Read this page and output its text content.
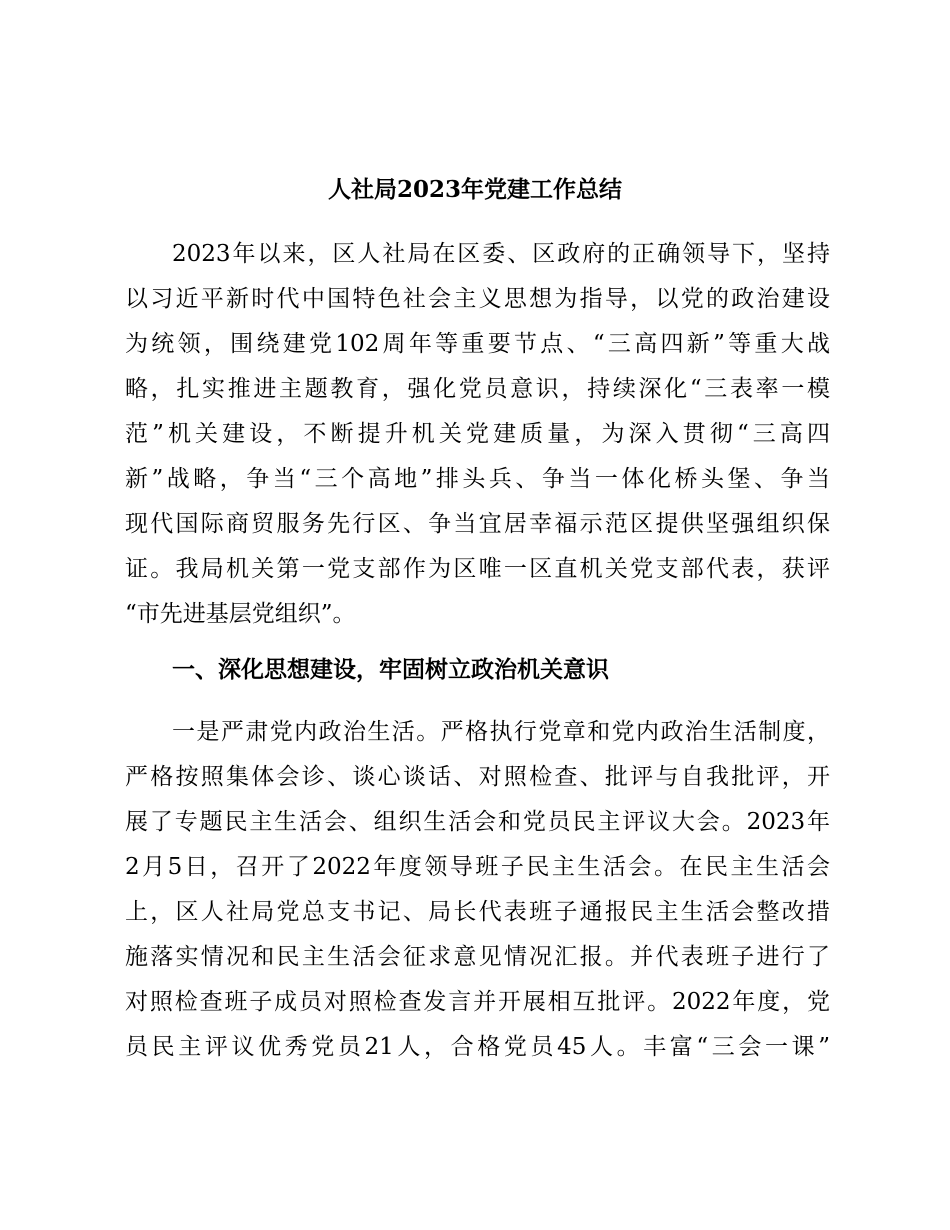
人社局2023年党建工作总结

2023年以来，区人社局在区委、区政府的正确领导下，坚持

以习近平新时代中国特色社会主义思想为指导，以党的政治建设

为统领，围绕建党102周年等重要节点、“三高四新”等重大战

略，扎实推进主题教育，强化党员意识，持续深化“三表率一模

范”机关建设，不断提升机关党建质量，为深入贯彻“三高四

新”战略，争当“三个高地”排头兵、争当一体化桥头堡、争当

现代国际商贸服务先行区、争当宜居幸福示范区提供坚强组织保

证。我局机关第一党支部作为区唯一区直机关党支部代表，获评

“市先进基层党组织”。

一、深化思想建设，牢固树立政治机关意识

一是严肃党内政治生活。严格执行党章和党内政治生活制度，

严格按照集体会诊、谈心谈话、对照检查、批评与自我批评，开

展了专题民主生活会、组织生活会和党员民主评议大会。2023年

2月5日，召开了2022年度领导班子民主生活会。在民主生活会

上，区人社局党总支书记、局长代表班子通报民主生活会整改措

施落实情况和民主生活会征求意见情况汇报。并代表班子进行了

对照检查班子成员对照检查发言并开展相互批评。2022年度，党

员民主评议优秀党员21人，合格党员45人。丰富“三会一课”
